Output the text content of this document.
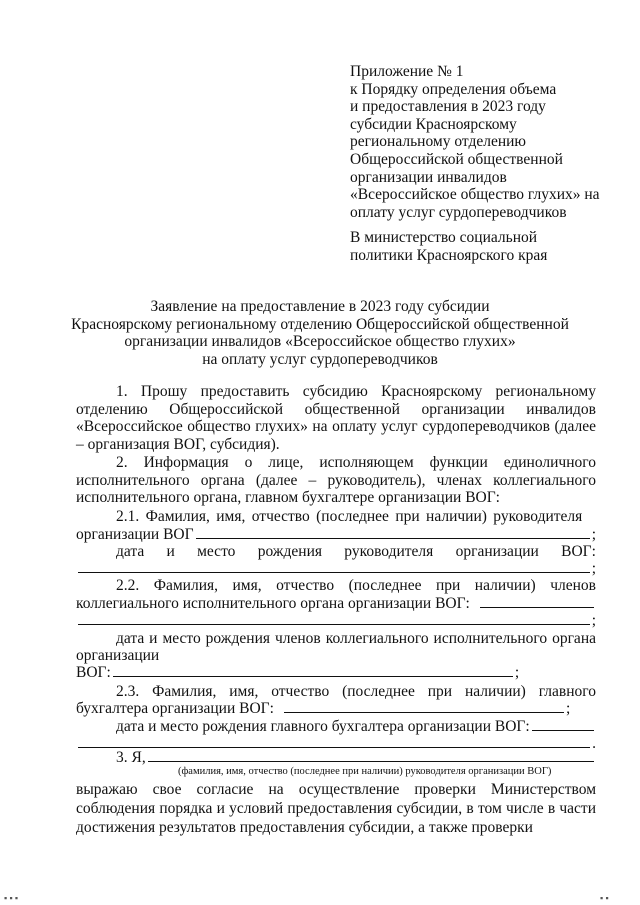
Приложение № 1
к Порядку определения объема
и предоставления в 2023 году
субсидии Красноярскому
региональному отделению
Общероссийской общественной
организации инвалидов
«Всероссийское общество глухих» на
оплату услуг сурдопереводчиков
В министерство социальной
политики Красноярского края
Заявление на предоставление в 2023 году субсидии
Красноярскому региональному отделению Общероссийской общественной
организации инвалидов «Всероссийское общество глухих»
на оплату услуг сурдопереводчиков
1. Прошу предоставить субсидию Красноярскому региональному отделению Общероссийской общественной организации инвалидов «Всероссийское общество глухих» на оплату услуг сурдопереводчиков (далее – организация ВОГ, субсидия).
2. Информация о лице, исполняющем функции единоличного исполнительного органа (далее – руководитель), членах коллегиального исполнительного органа, главном бухгалтере организации ВОГ:
2.1. Фамилия, имя, отчество (последнее при наличии) руководителя
организации ВОГ	;
дата и место рождения руководителя организации ВОГ:
;
2.2. Фамилия, имя, отчество (последнее при наличии) членов
коллегиального исполнительного органа организации ВОГ:
;
дата и место рождения членов коллегиального исполнительного органа
организации
ВОГ:	;
2.3. Фамилия, имя, отчество (последнее при наличии) главного
бухгалтера организации ВОГ:	;
дата и место рождения главного бухгалтера организации ВОГ:
.
3. Я,
(фамилия, имя, отчество (последнее при наличии) руководителя организации ВОГ)
выражаю свое согласие на осуществление проверки Министерством соблюдения порядка и условий предоставления субсидии, в том числе в части достижения результатов предоставления субсидии, а также проверки
▪ ▪ ▪	▪ ▪
